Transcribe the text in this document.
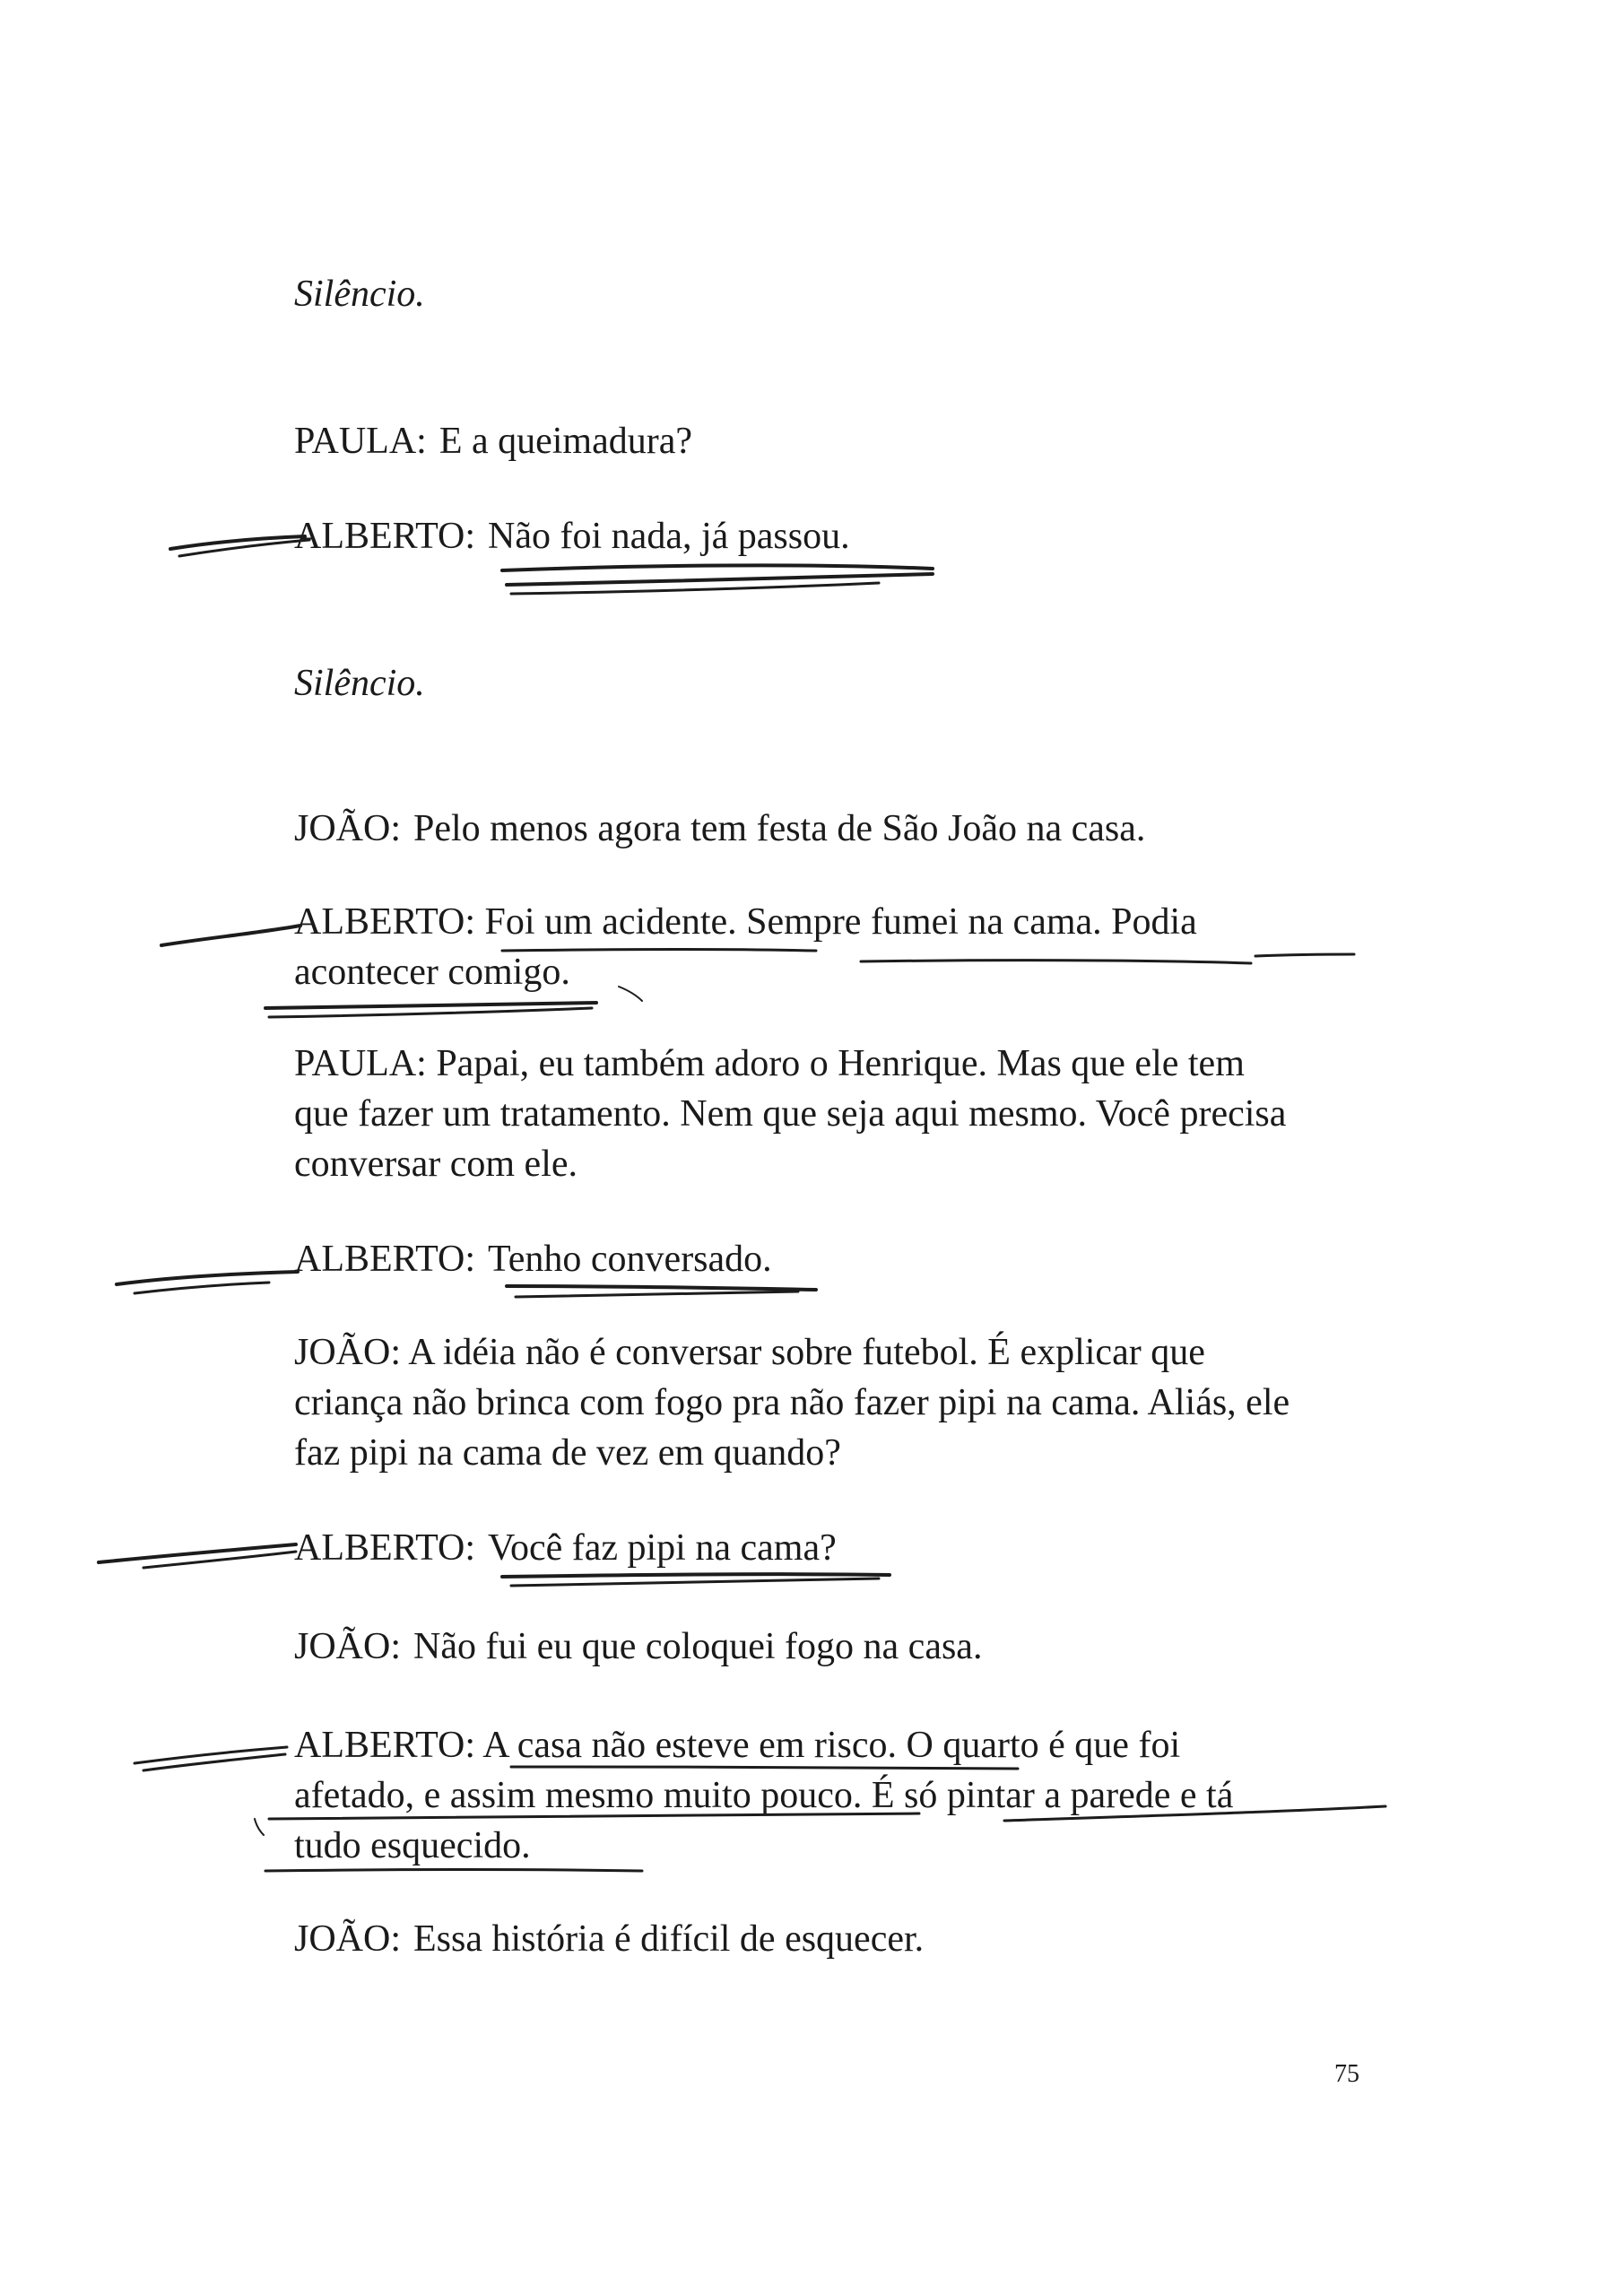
Silêncio.

PAULA: E a queimadura?

ALBERTO: Não foi nada, já passou.

Silêncio.

JOÃO: Pelo menos agora tem festa de São João na casa.

ALBERTO: Foi um acidente. Sempre fumei na cama. Podia

acontecer comigo.

PAULA: Papai, eu também adoro o Henrique. Mas que ele tem

que fazer um tratamento. Nem que seja aqui mesmo. Você precisa

conversar com ele.

ALBERTO: Tenho conversado.

JOÃO: A idéia não é conversar sobre futebol. É explicar que

criança não brinca com fogo pra não fazer pipi na cama. Aliás, ele

faz pipi na cama de vez em quando?

ALBERTO: Você faz pipi na cama?

JOÃO: Não fui eu que coloquei fogo na casa.

ALBERTO: A casa não esteve em risco. O quarto é que foi

afetado, e assim mesmo muito pouco. É só pintar a parede e tá

tudo esquecido.

JOÃO: Essa história é difícil de esquecer.

75
